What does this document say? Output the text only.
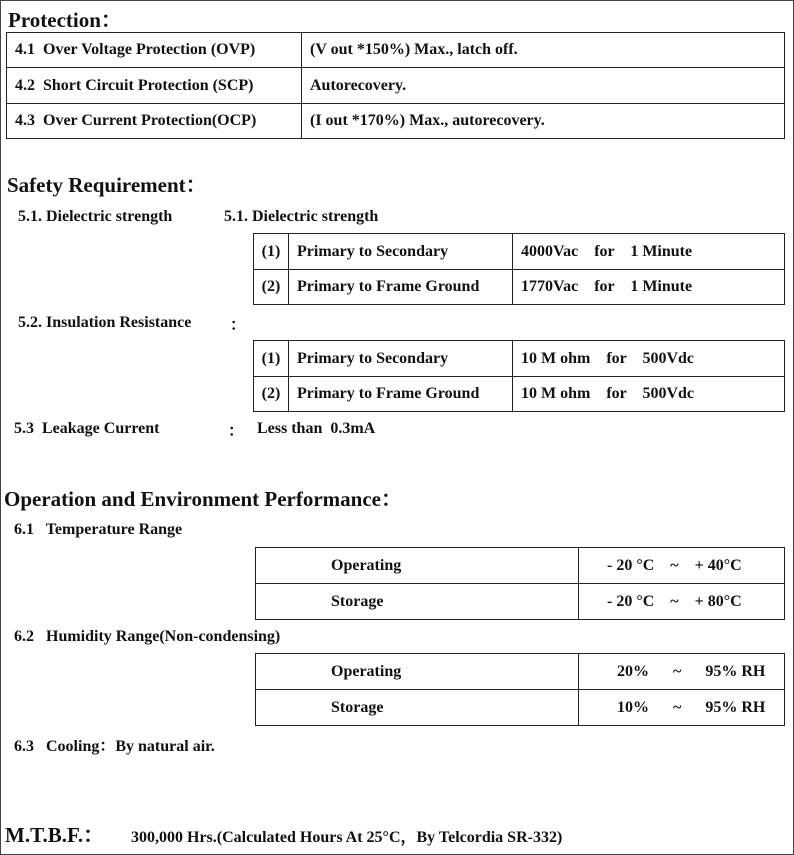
Protection：
4.1  Over Voltage Protection (OVP)	(V out *150%) Max., latch off.
4.2  Short Circuit Protection (SCP)	Autorecovery.
4.3  Over Current Protection(OCP)	(I out *170%) Max., autorecovery.
Safety Requirement：
5.1. Dielectric strength	5.1. Dielectric strength
(1)	Primary to Secondary	4000Vac for 1 Minute
(2)	Primary to Frame Ground	1770Vac for 1 Minute
5.2. Insulation Resistance ：
(1)	Primary to Secondary	10 M ohm for 500Vdc
(2)	Primary to Frame Ground	10 M ohm for 500Vdc
5.3  Leakage Current	： Less than  0.3mA
Operation and Environment Performance：
6.1   Temperature Range
Operating	- 20 °C ~ + 40°C
Storage	- 20 °C ~ + 80°C
6.2   Humidity Range(Non-condensing)
Operating	20% ~ 95% RH
Storage	10% ~ 95% RH
6.3   Cooling：By natural air.
M.T.B.F.： 300,000 Hrs.(Calculated Hours At 25°C，By Telcordia SR-332)
